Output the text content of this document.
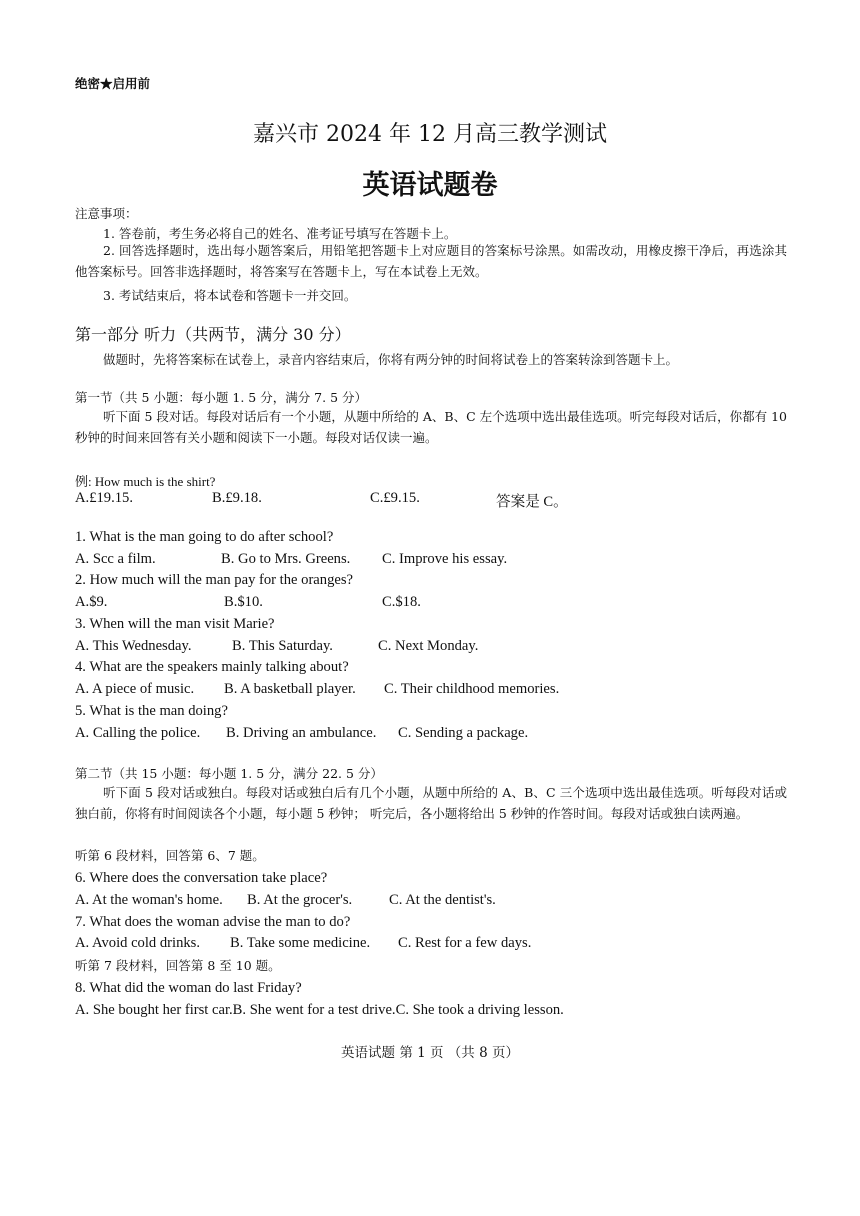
绝密★启用前
嘉兴市 2024 年 12 月高三教学测试
英语试题卷
注意事项：
1. 答卷前，考生务必将自己的姓名、准考证号填写在答题卡上。

2. 回答选择题时，选出每小题答案后，用铅笔把答题卡上对应题目的答案标号涂黑。如需改动，用橡皮擦干净后，再选涂其他答案标号。回答非选择题时，将答案写在答题卡上，写在本试卷上无效。

3. 考试结束后，将本试卷和答题卡一并交回。
第一部分 听力（共两节，满分 30 分）
做题时，先将答案标在试卷上，录音内容结束后，你将有两分钟的时间将试卷上的答案转涂到答题卡上。
第一节（共 5 小题：每小题 1. 5 分，满分 7. 5 分）

听下面 5 段对话。每段对话后有一个小题，从题中所给的 A、B、C 左个选项中选出最佳选项。听完每段对话后，你都有 10 秒钟的时间来回答有关小题和阅读下一小题。每段对话仅读一遍。

例: How much is the shirt?
A.£19.15.	B.£9.18.	C.£9.15.	答案是 C。
1. What is the man going to do after school?
A. Scc a film.	B. Go to Mrs. Greens. C. Improve his essay.
2. How much will the man pay for the oranges?
A.$9.	B.$10.	C.$18.
3. When will the man visit Marie?
A. This Wednesday.	B. This Saturday.	C. Next Monday.
4. What are the speakers mainly talking about?
A. A piece of music. B. A basketball player. C. Their childhood memories.
5. What is the man doing?
A. Calling the police. B. Driving an ambulance. C. Sending a package.
第二节（共 15 小题：每小题 1. 5 分，满分 22. 5 分）

听下面 5 段对话或独白。每段对话或独白后有几个小题，从题中所给的 A、B、C 三个选项中选出最佳选项。听每段对话或独白前，你将有时间阅读各个小题，每小题 5 秒钟； 听完后，各小题将给出 5 秒钟的作答时间。每段对话或独白读两遍。

听第 6 段材料，回答第 6、7 题。
6. Where does the conversation take place?
A. At the woman's home. B. At the grocer's.	C. At the dentist's.
7. What does the woman advise the man to do?
A. Avoid cold drinks. B. Take some medicine. C. Rest for a few days.
听第 7 段材料，回答第 8 至 10 题。
8. What did the woman do last Friday?
A. She bought her first car.B. She went for a test drive.C. She took a driving lesson.
英语试题 第 1 页 （共 8 页）
